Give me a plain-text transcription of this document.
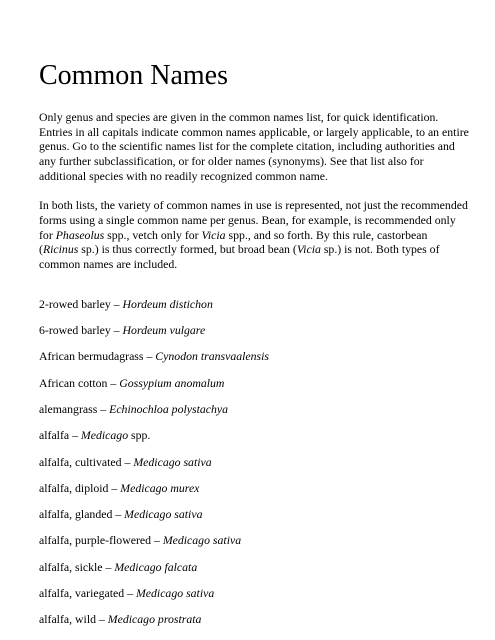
Common Names

Only genus and species are given in the common names list, for quick identification. Entries in all capitals indicate common names applicable, or largely applicable, to an entire genus. Go to the scientific names list for the complete citation, including authorities and any further subclassification, or for older names (synonyms). See that list also for additional species with no readily recognized common name.

In both lists, the variety of common names in use is represented, not just the recommended forms using a single common name per genus. Bean, for example, is recommended only for Phaseolus spp., vetch only for Vicia spp., and so forth. By this rule, castorbean (Ricinus sp.) is thus correctly formed, but broad bean (Vicia sp.) is not. Both types of common names are included.

2-rowed barley – Hordeum distichon
6-rowed barley – Hordeum vulgare
African bermudagrass – Cynodon transvaalensis
African cotton – Gossypium anomalum
alemangrass – Echinochloa polystachya
alfalfa – Medicago spp.
alfalfa, cultivated – Medicago sativa
alfalfa, diploid – Medicago murex
alfalfa, glanded – Medicago sativa
alfalfa, purple-flowered – Medicago sativa
alfalfa, sickle – Medicago falcata
alfalfa, variegated – Medicago sativa
alfalfa, wild – Medicago prostrata
